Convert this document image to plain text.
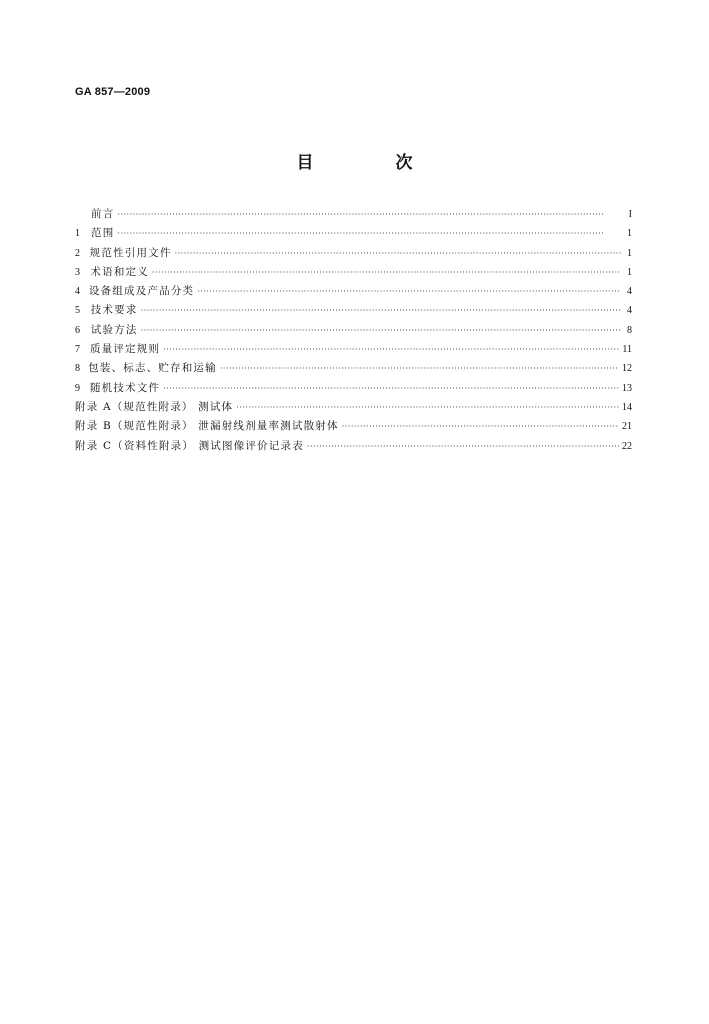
GA 857—2009
目 次
前言 ·····	I
1	范围 ·····	1
2 规范性引用文件 ·····	1
3 术语和定义 ·····	1
4 设备组成及产品分类 ·····	4
5	技术要求 ·····	4
6	试验方法 ·····	8
7 质量评定规则 ·····	11
8 包装、标志、贮存和运输 ·····	12
9 随机技术文件 ·····	13
附录 A（规范性附录） 测试体 ·····	14
附录 B（规范性附录） 泄漏射线剂量率测试散射体 ·····	21
附录 C（资料性附录） 测试图像评价记录表 ·····	22
